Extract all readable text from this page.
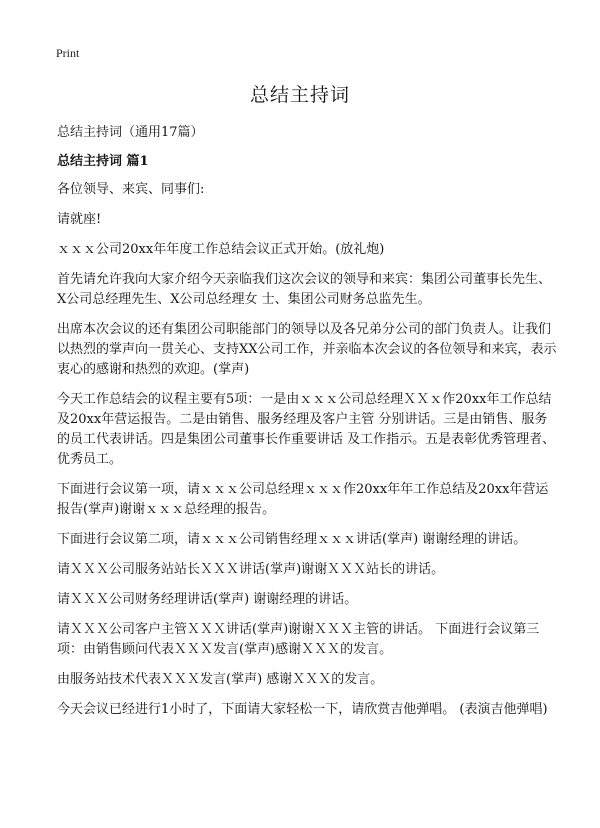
Print
总结主持词
总结主持词（通用17篇）
总结主持词 篇1

各位领导、来宾、同事们:

请就座!

ｘｘｘ公司20xx年年度工作总结会议正式开始。(放礼炮)

首先请允许我向大家介绍今天亲临我们这次会议的领导和来宾：集团公司董事长先生、X公司总经理先生、X公司总经理女 士、集团公司财务总监先生。

出席本次会议的还有集团公司职能部门的领导以及各兄弟分公司的部门负责人。让我们以热烈的掌声向一贯关心、支持XX公司工作，并亲临本次会议的各位领导和来宾，表示衷心的感谢和热烈的欢迎。(掌声)

今天工作总结会的议程主要有5项：一是由ｘｘｘ公司总经理ＸＸｘ作20xx年工作总结及20xx年营运报告。二是由销售、服务经理及客户主管 分别讲话。三是由销售、服务的员工代表讲话。四是集团公司董事长作重要讲话 及工作指示。五是表彰优秀管理者、优秀员工。

下面进行会议第一项，请ｘｘｘ公司总经理ｘｘｘ作20xx年年工作总结及20xx年营运报告(掌声)谢谢ｘｘｘ总经理的报告。

下面进行会议第二项，请ｘｘｘ公司销售经理ｘｘｘ讲话(掌声) 谢谢经理的讲话。

请ＸＸＸ公司服务站站长ＸＸＸ讲话(掌声)谢谢ＸＸＸ站长的讲话。

请ＸＸＸ公司财务经理讲话(掌声) 谢谢经理的讲话。

请ＸＸＸ公司客户主管ＸＸＸ讲话(掌声)谢谢ＸＸＸ主管的讲话。 下面进行会议第三项：由销售顾问代表ＸＸＸ发言(掌声)感谢ＸＸＸ的发言。

由服务站技术代表ＸＸＸ发言(掌声) 感谢ＸＸＸ的发言。

今天会议已经进行1小时了，下面请大家轻松一下，请欣赏吉他弹唱。 (表演吉他弹唱)
